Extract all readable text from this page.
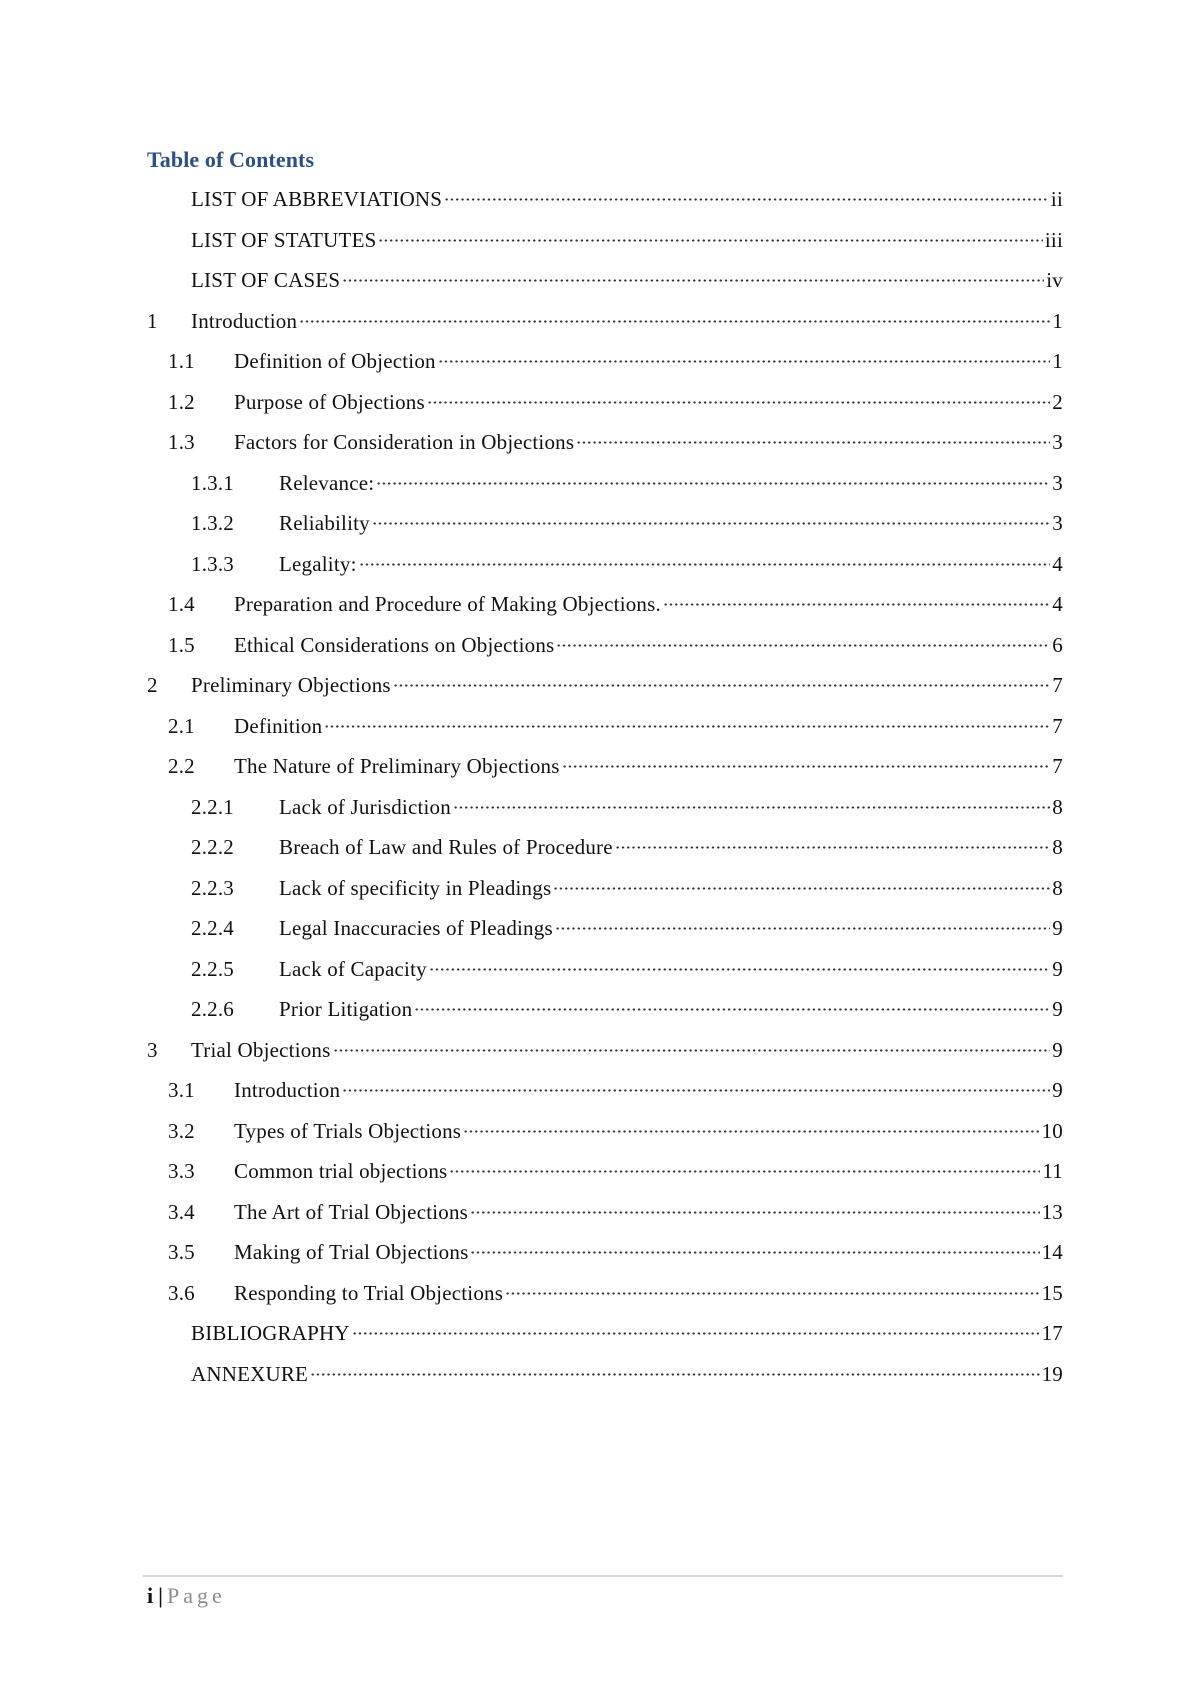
Table of Contents
LIST OF ABBREVIATIONS	ii
LIST OF STATUTES	iii
LIST OF CASES	iv
1	Introduction	1
1.1	Definition of Objection	1
1.2	Purpose of Objections	2
1.3	Factors for Consideration in Objections	3
1.3.1	Relevance:	3
1.3.2	Reliability	3
1.3.3	Legality:	4
1.4	Preparation and Procedure of Making Objections.	4
1.5	Ethical Considerations on Objections	6
2	Preliminary Objections	7
2.1	Definition	7
2.2	The Nature of Preliminary Objections	7
2.2.1	Lack of Jurisdiction	8
2.2.2	Breach of Law and Rules of Procedure	8
2.2.3	Lack of specificity in Pleadings	8
2.2.4	Legal Inaccuracies of Pleadings	9
2.2.5	Lack of Capacity	9
2.2.6	Prior Litigation	9
3	Trial Objections	9
3.1	Introduction	9
3.2	Types of Trials Objections	10
3.3	Common trial objections	11
3.4	The Art of Trial Objections	13
3.5	Making of Trial Objections	14
3.6	Responding to Trial Objections	15
BIBLIOGRAPHY	17
ANNEXURE	19
i | Page
